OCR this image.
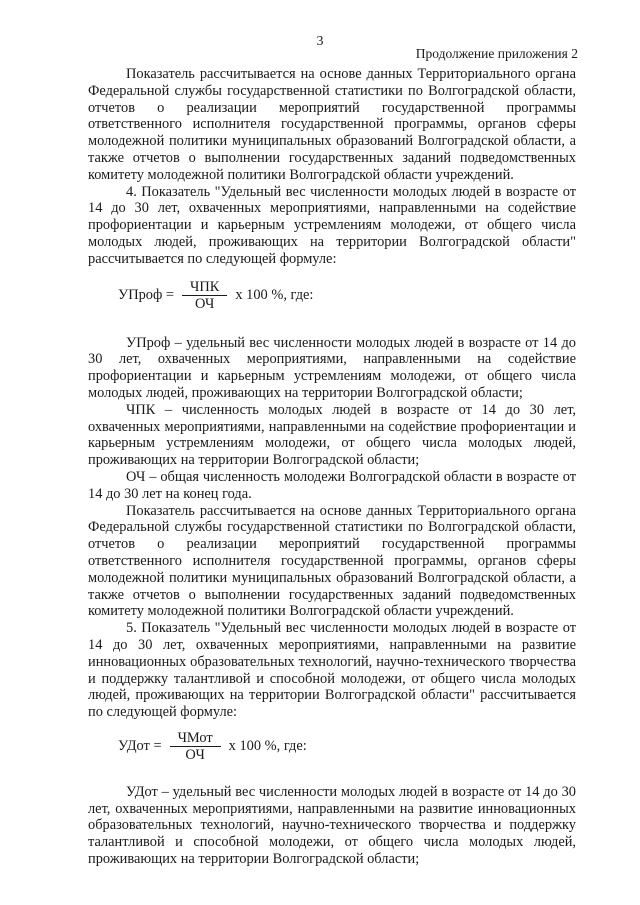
3
Продолжение приложения 2

Показатель рассчитывается на основе данных Территориального органа Федеральной службы государственной статистики по Волгоградской области, отчетов о реализации мероприятий государственной программы ответственного исполнителя государственной программы, органов сферы молодежной политики муниципальных образований Волгоградской области, а также отчетов о выполнении государственных заданий подведомственных комитету молодежной политики Волгоградской области учреждений.

4. Показатель "Удельный вес численности молодых людей в возрасте от 14 до 30 лет, охваченных мероприятиями, направленными на содействие профориентации и карьерным устремлениям молодежи, от общего числа молодых людей, проживающих на территории Волгоградской области" рассчитывается по следующей формуле:

УПроф = $\frac{\text{ЧПК}}{ОЧ}$ x 100 %, где:

УПроф – удельный вес численности молодых людей в возрасте от 14 до 30 лет, охваченных мероприятиями, направленными на содействие профориентации и карьерным устремлениям молодежи, от общего числа молодых людей, проживающих на территории Волгоградской области;

ЧПК – численность молодых людей в возрасте от 14 до 30 лет, охваченных мероприятиями, направленными на содействие профориентации и карьерным устремлениям молодежи, от общего числа молодых людей, проживающих на территории Волгоградской области;

ОЧ – общая численность молодежи Волгоградской области в возрасте от 14 до 30 лет на конец года.

Показатель рассчитывается на основе данных Территориального органа Федеральной службы государственной статистики по Волгоградской области, отчетов о реализации мероприятий государственной программы ответственного исполнителя государственной программы, органов сферы молодежной политики муниципальных образований Волгоградской области, а также отчетов о выполнении государственных заданий подведомственных комитету молодежной политики Волгоградской области учреждений.

5. Показатель "Удельный вес численности молодых людей в возрасте от 14 до 30 лет, охваченных мероприятиями, направленными на развитие инновационных образовательных технологий, научно-технического творчества и поддержку талантливой и способной молодежи, от общего числа молодых людей, проживающих на территории Волгоградской области" рассчитывается по следующей формуле:

УДот = $\frac{\text{ЧМот}}{ОЧ}$ x 100 %, где:

УДот – удельный вес численности молодых людей в возрасте от 14 до 30 лет, охваченных мероприятиями, направленными на развитие инновационных образовательных технологий, научно-технического творчества и поддержку талантливой и способной молодежи, от общего числа молодых людей, проживающих на территории Волгоградской области;
